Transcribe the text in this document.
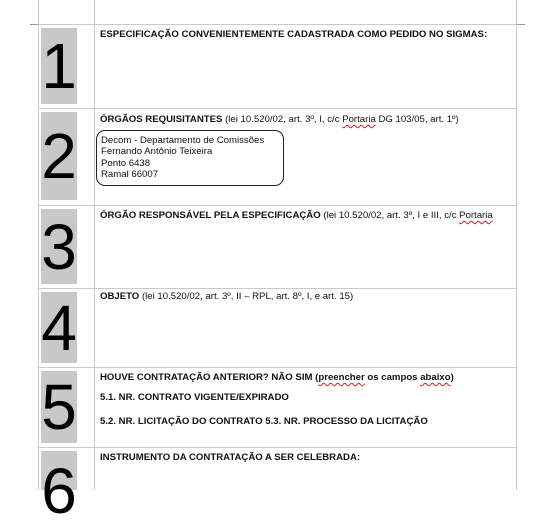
1 ESPECIFICAÇÃO CONVENIENTEMENTE CADASTRADA COMO PEDIDO NO SIGMAS:
2
ÓRGÃOS REQUISITANTES (lei 10.520/02, art. 3º, I, c/c Portaria DG 103/05, art. 1º)
Decom - Departamento de Comissões
Fernando Antônio Teixeira
Ponto 6438
Ramal 66007
3 ÓRGÃO RESPONSÁVEL PELA ESPECIFICAÇÃO (lei 10.520/02, art. 3º, I e III, c/c Portaria
4 OBJETO (lei 10.520/02, art. 3º, II – RPL, art. 8º, I, e art. 15)
5 HOUVE CONTRATAÇÃO ANTERIOR? NÃO SIM (preencher os campos abaixo)
5.1. NR. CONTRATO VIGENTE/EXPIRADO
5.2. NR. LICITAÇÃO DO CONTRATO 5.3. NR. PROCESSO DA LICITAÇÃO
6 INSTRUMENTO DA CONTRATAÇÃO A SER CELEBRADA:
